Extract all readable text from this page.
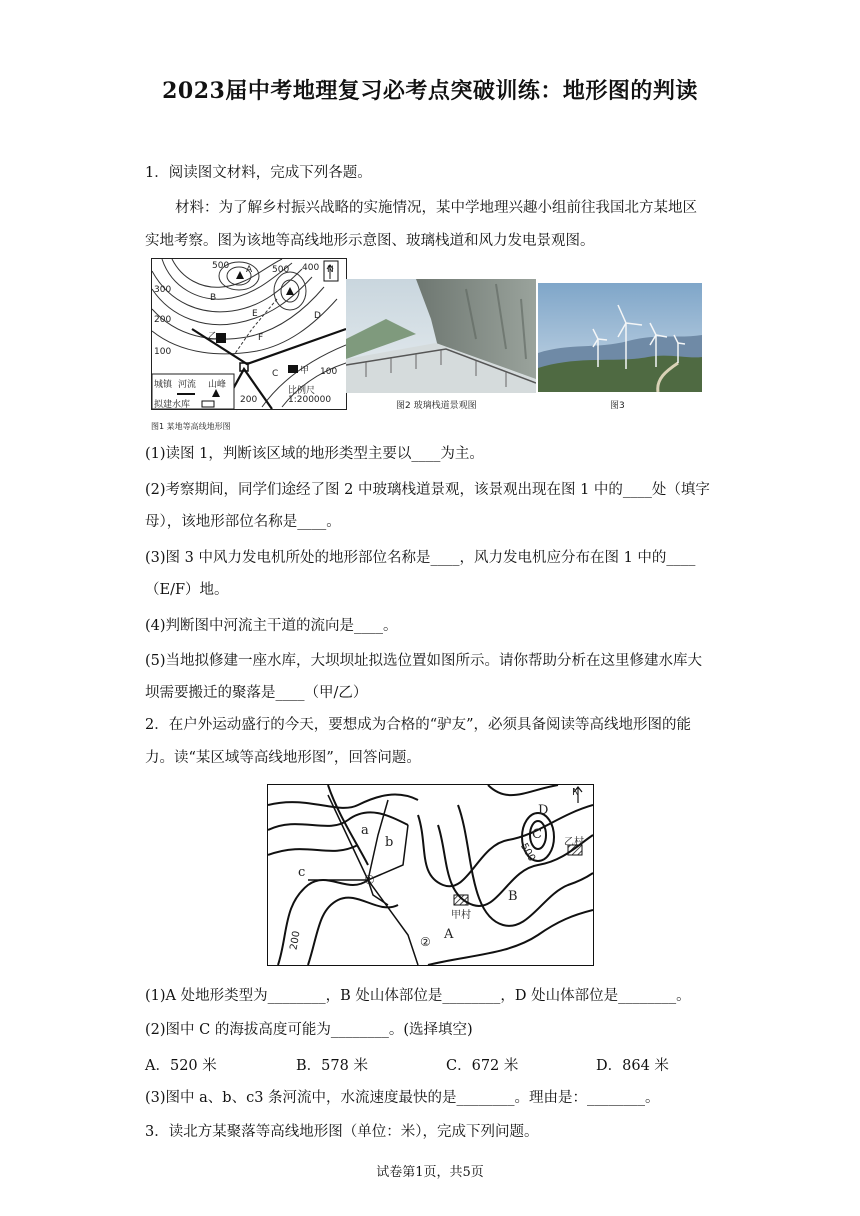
2023届中考地理复习必考点突破训练：地形图的判读
1．阅读图文材料，完成下列各题。
材料：为了解乡村振兴战略的实施情况，某中学地理兴趣小组前往我国北方某地区
实地考察。图为该地等高线地形示意图、玻璃栈道和风力发电景观图。
500	400
500
300
200
100
100
200
A
B
E	D
C
乙	F
甲
N
城镇 河流 山峰
拟建水库
比例尺
1:200000
图1 某地等高线地形图
图2 玻璃栈道景观图	图3
(1)读图 1，判断该区域的地形类型主要以____为主。
(2)考察期间，同学们途经了图 2 中玻璃栈道景观，该景观出现在图 1 中的____处（填字
母），该地形部位名称是____。
(3)图 3 中风力发电机所处的地形部位名称是____，风力发电机应分布在图 1 中的____
（E/F）地。
(4)判断图中河流主干道的流向是____。
(5)当地拟修建一座水库，大坝坝址拟选位置如图所示。请你帮助分析在这里修建水库大
坝需要搬迁的聚落是____（甲/乙）
2．在户外运动盛行的今天，要想成为合格的“驴友”，必须具备阅读等高线地形图的能
力。读“某区域等高线地形图”，回答问题。
a
b
c
D
C
B
A
N
乙村
甲村
500
200
①
②
(1)A 处地形类型为________，B 处山体部位是________，D 处山体部位是________。
(2)图中 C 的海拔高度可能为________。(选择填空)
A．520 米	B．578 米	C．672 米	D．864 米
(3)图中 a、b、c3 条河流中，水流速度最快的是________。理由是：________。
3．读北方某聚落等高线地形图（单位：米），完成下列问题。
试卷第1页，共5页
